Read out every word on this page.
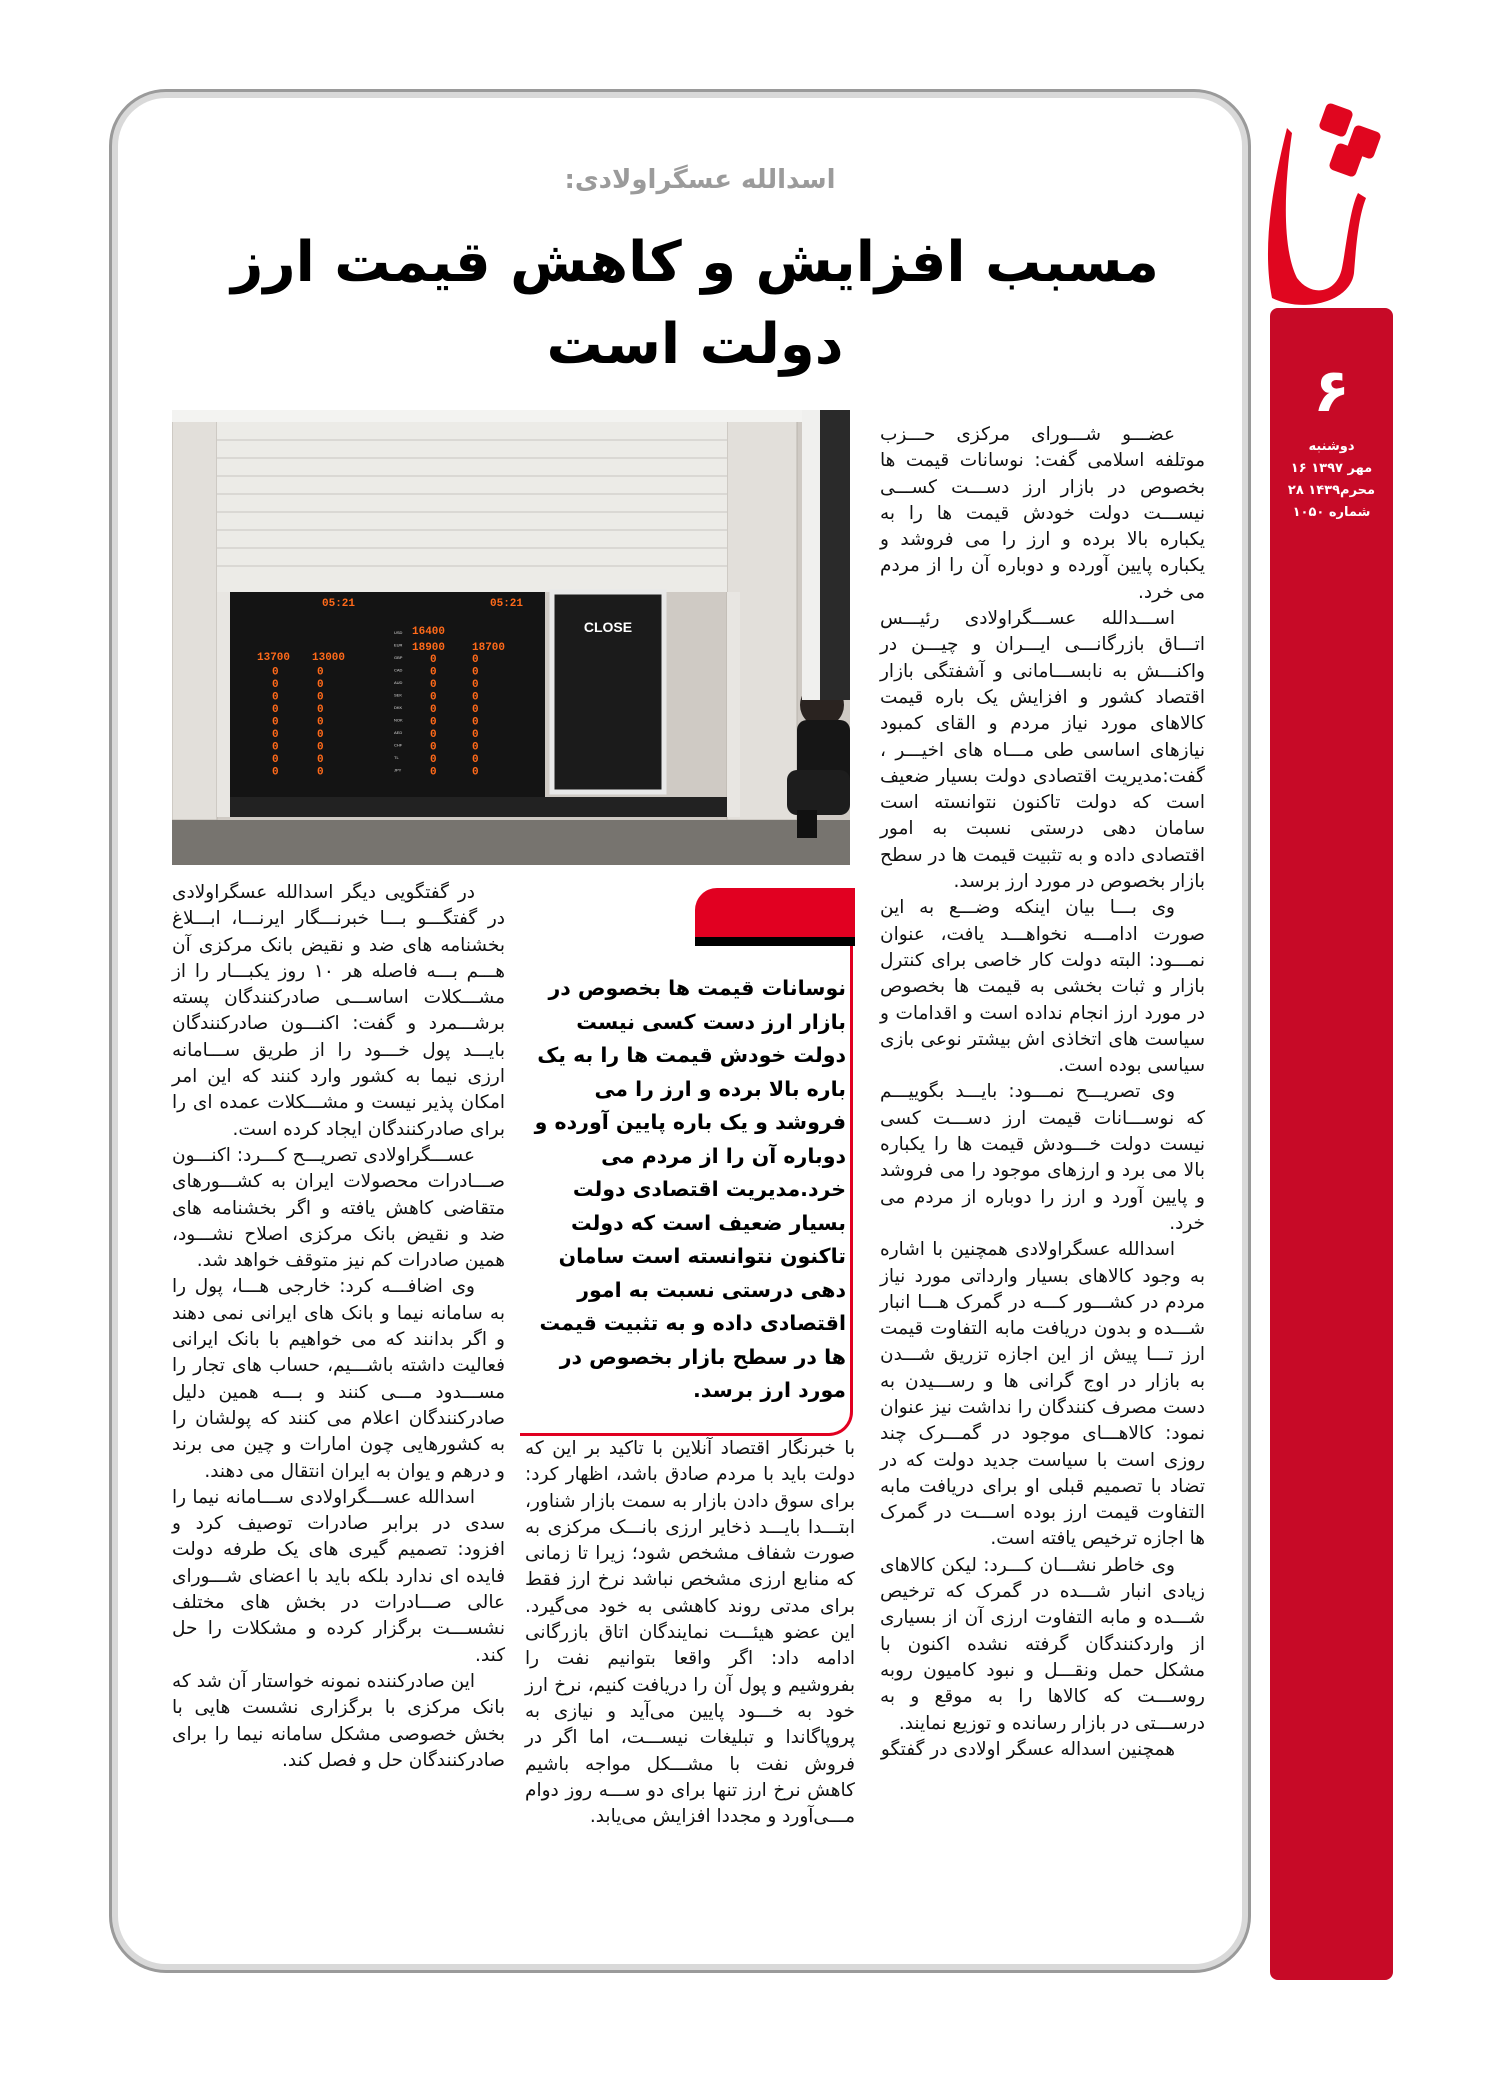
۶
دوشنبه
۱۶ مهر ۱۳۹۷
۲۸ محرم۱۴۳۹
شماره ۱۰۵۰
اسدالله عسگراولادی:
مسبب افزایش و کاهش قیمت ارز
دولت است
CLOSE
05:21	05:21
16400
18900 18700
13700 13000	0	0
0	0
0	0
0	0
0	0
0	0
0	0
0	0
0	0
0	0
0	0
0	0
0	0
0	0
0	0
0	0
0	0
0	0
0	0
USD
EUR
GBP
CAD
AUD
SEK
DKK
NOK
AED
CHF
TL
JPY

عضـــو شـــورای مرکزی حـــزب موتلفه اسلامی گفت: نوسانات قیمت ها بخصوص در بازار ارز دســـت کســـی نیســـت دولت خودش قیمت ها را به یکباره بالا برده و ارز را می فروشد و یکباره پایین آورده و دوباره آن را از مردم می خرد.

اســـدالله عســـگراولادی رئیـــس اتـــاق بازرگانـــی ایـــران و چیـــن در واکنـــش به نابســـامانی و آشفتگی بازار اقتصاد کشور و افزایش یک باره قیمت کالاهای مورد نیاز مردم و القای کمبود نیازهای اساسی طی مـــاه های اخیـــر ، گفت:مدیریت اقتصادی دولت بسیار ضعیف است که دولت تاکنون نتوانسته است سامان دهی درستی نسبت به امور اقتصادی داده و به تثبیت قیمت ها در سطح بازار بخصوص در مورد ارز برسد.

وی بـــا بیان اینکه وضـــع به این صورت ادامـــه نخواهـــد یافت، عنوان نمـــود: البته دولت کار خاصی برای کنترل بازار و ثبات بخشی به قیمت ها بخصوص در مورد ارز انجام نداده است و اقدامات و سیاست های اتخاذی اش بیشتر نوعی بازی سیاسی بوده است.

وی تصریـــح نمـــود: بایـــد بگوییـــم که نوســـانات قیمت ارز دســـت کسی نیست دولت خـــودش قیمت ها را یکباره بالا می برد و ارزهای موجود را می فروشد و پایین آورد و ارز را دوباره از مردم می خرد.

اسدالله عسگراولادی همچنین با اشاره به وجود کالاهای بسیار وارداتی مورد نیاز مردم در کشـــور کـــه در گمرک هـــا انبار شـــده و بدون دریافت مابه التفاوت قیمت ارز تـــا پیش از این اجازه تزریق شـــدن به بازار در اوج گرانی ها و رســـیدن به دست مصرف کنندگان را نداشت نیز عنوان نمود: کالاهـــای موجود در گمـــرک چند روزی است با سیاست جدید دولت که در تضاد با تصمیم قبلی او برای دریافت مابه التفاوت قیمت ارز بوده اســـت در گمرک ها اجازه ترخیص یافته است.

وی خاطر نشـــان کـــرد: لیکن کالاهای زیادی انبار شـــده در گمرک که ترخیص شـــده و مابه التفاوت ارزی آن از بسیاری از واردکنندگان گرفته نشده اکنون با مشکل حمل ونقـــل و نبود کامیون روبه روســـت که کالاها را به موقع و به درســـتی در بازار رسانده و توزیع نمایند.

همچنین اسداله عسگر اولادی در گفتگو

نوسانات قیمت ها بخصوص در بازار ارز دست کسی نیست دولت خودش قیمت ها را به یک باره بالا برده و ارز را می فروشد و یک باره پایین آورده و دوباره آن را از مردم می خرد.مدیریت اقتصادی دولت بسیار ضعیف است که دولت تاکنون نتوانسته است سامان دهی درستی نسبت به امور اقتصادی داده و به تثبیت قیمت ها در سطح بازار بخصوص در مورد ارز برسد.

با خبرنگار اقتصاد آنلاین با تاکید بر این که دولت باید با مردم صادق باشد، اظهار کرد: برای سوق دادن بازار به سمت بازار شناور، ابتـــدا بایـــد ذخایر ارزی بانـــک مرکزی به صورت شفاف مشخص شود؛ زیرا تا زمانی که منابع ارزی مشخص نباشد نرخ ارز فقط برای مدتی روند کاهشی به خود می‌گیرد. این عضو هیئـــت نمایندگان اتاق بازرگانی ادامه داد: اگر واقعا بتوانیم نفت را بفروشیم و پول آن را دریافت کنیم، نرخ ارز خود به خـــود پایین می‌آید و نیازی به پروپاگاندا و تبلیغات نیســـت، اما اگر در فروش نفت با مشـــکل مواجه باشیم کاهش نرخ ارز تنها برای دو ســـه روز دوام مـــی‌آورد و مجددا افزایش می‌یابد.

در گفتگویی دیگر اسدالله عسگراولادی در گفتگـــو بـــا خبرنـــگار ایرنـــا، ابـــلاغ بخشنامه های ضد و نقیض بانک مرکزی آن هـــم بـــه فاصله هر ۱۰ روز یکبـــار را از مشـــکلات اساســـی صادرکنندگان پسته برشـــمرد و گفت: اکنـــون صادرکنندگان بایـــد پول خـــود را از طریق ســـامانه ارزی نیما به کشور وارد کنند که این امر امکان پذیر نیست و مشـــکلات عمده ای را برای صادرکنندگان ایجاد کرده است.

عســـگراولادی تصریـــح کـــرد: اکنـــون صـــادرات محصولات ایران به کشـــورهای متقاضی کاهش یافته و اگر بخشنامه های ضد و نقیض بانک مرکزی اصلاح نشـــود، همین صادرات کم نیز متوقف خواهد شد.

وی اضافـــه کرد: خارجی هـــا، پول را به سامانه نیما و بانک های ایرانی نمی دهند و اگر بدانند که می خواهیم با بانک ایرانی فعالیت داشته باشـــیم، حساب های تجار را مســـدود مـــی کنند و بـــه همین دلیل صادرکنندگان اعلام می کنند که پولشان را به کشورهایی چون امارات و چین می برند و درهم و یوان به ایران انتقال می دهند.

اسدالله عســـگراولادی ســـامانه نیما را سدی در برابر صادرات توصیف کرد و افزود: تصمیم گیری های یک طرفه دولت فایده ای ندارد بلکه باید با اعضای شـــورای عالی صـــادرات در بخش های مختلف نشســـت برگزار کرده و مشکلات را حل کند.

این صادرکننده نمونه خواستار آن شد که بانک مرکزی با برگزاری نشست هایی با بخش خصوصی مشکل سامانه نیما را برای صادرکنندگان حل و فصل کند.
